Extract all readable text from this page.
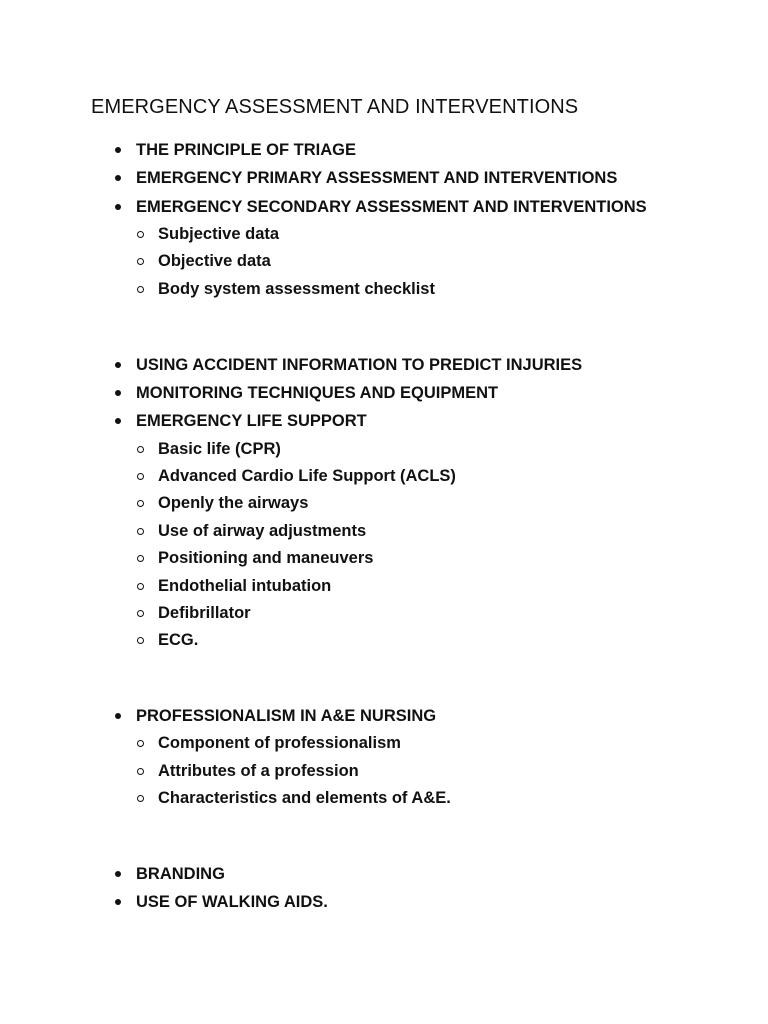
EMERGENCY ASSESSMENT AND INTERVENTIONS
THE PRINCIPLE OF TRIAGE
EMERGENCY PRIMARY ASSESSMENT AND INTERVENTIONS
EMERGENCY SECONDARY ASSESSMENT AND INTERVENTIONS
Subjective data
Objective data
Body system assessment checklist
USING ACCIDENT INFORMATION TO PREDICT INJURIES
MONITORING TECHNIQUES AND EQUIPMENT
EMERGENCY LIFE SUPPORT
Basic life (CPR)
Advanced Cardio Life Support (ACLS)
Openly the airways
Use of airway adjustments
Positioning and maneuvers
Endothelial intubation
Defibrillator
ECG.
PROFESSIONALISM IN A&E NURSING
Component of professionalism
Attributes of a profession
Characteristics and elements of A&E.
BRANDING
USE OF WALKING AIDS.
